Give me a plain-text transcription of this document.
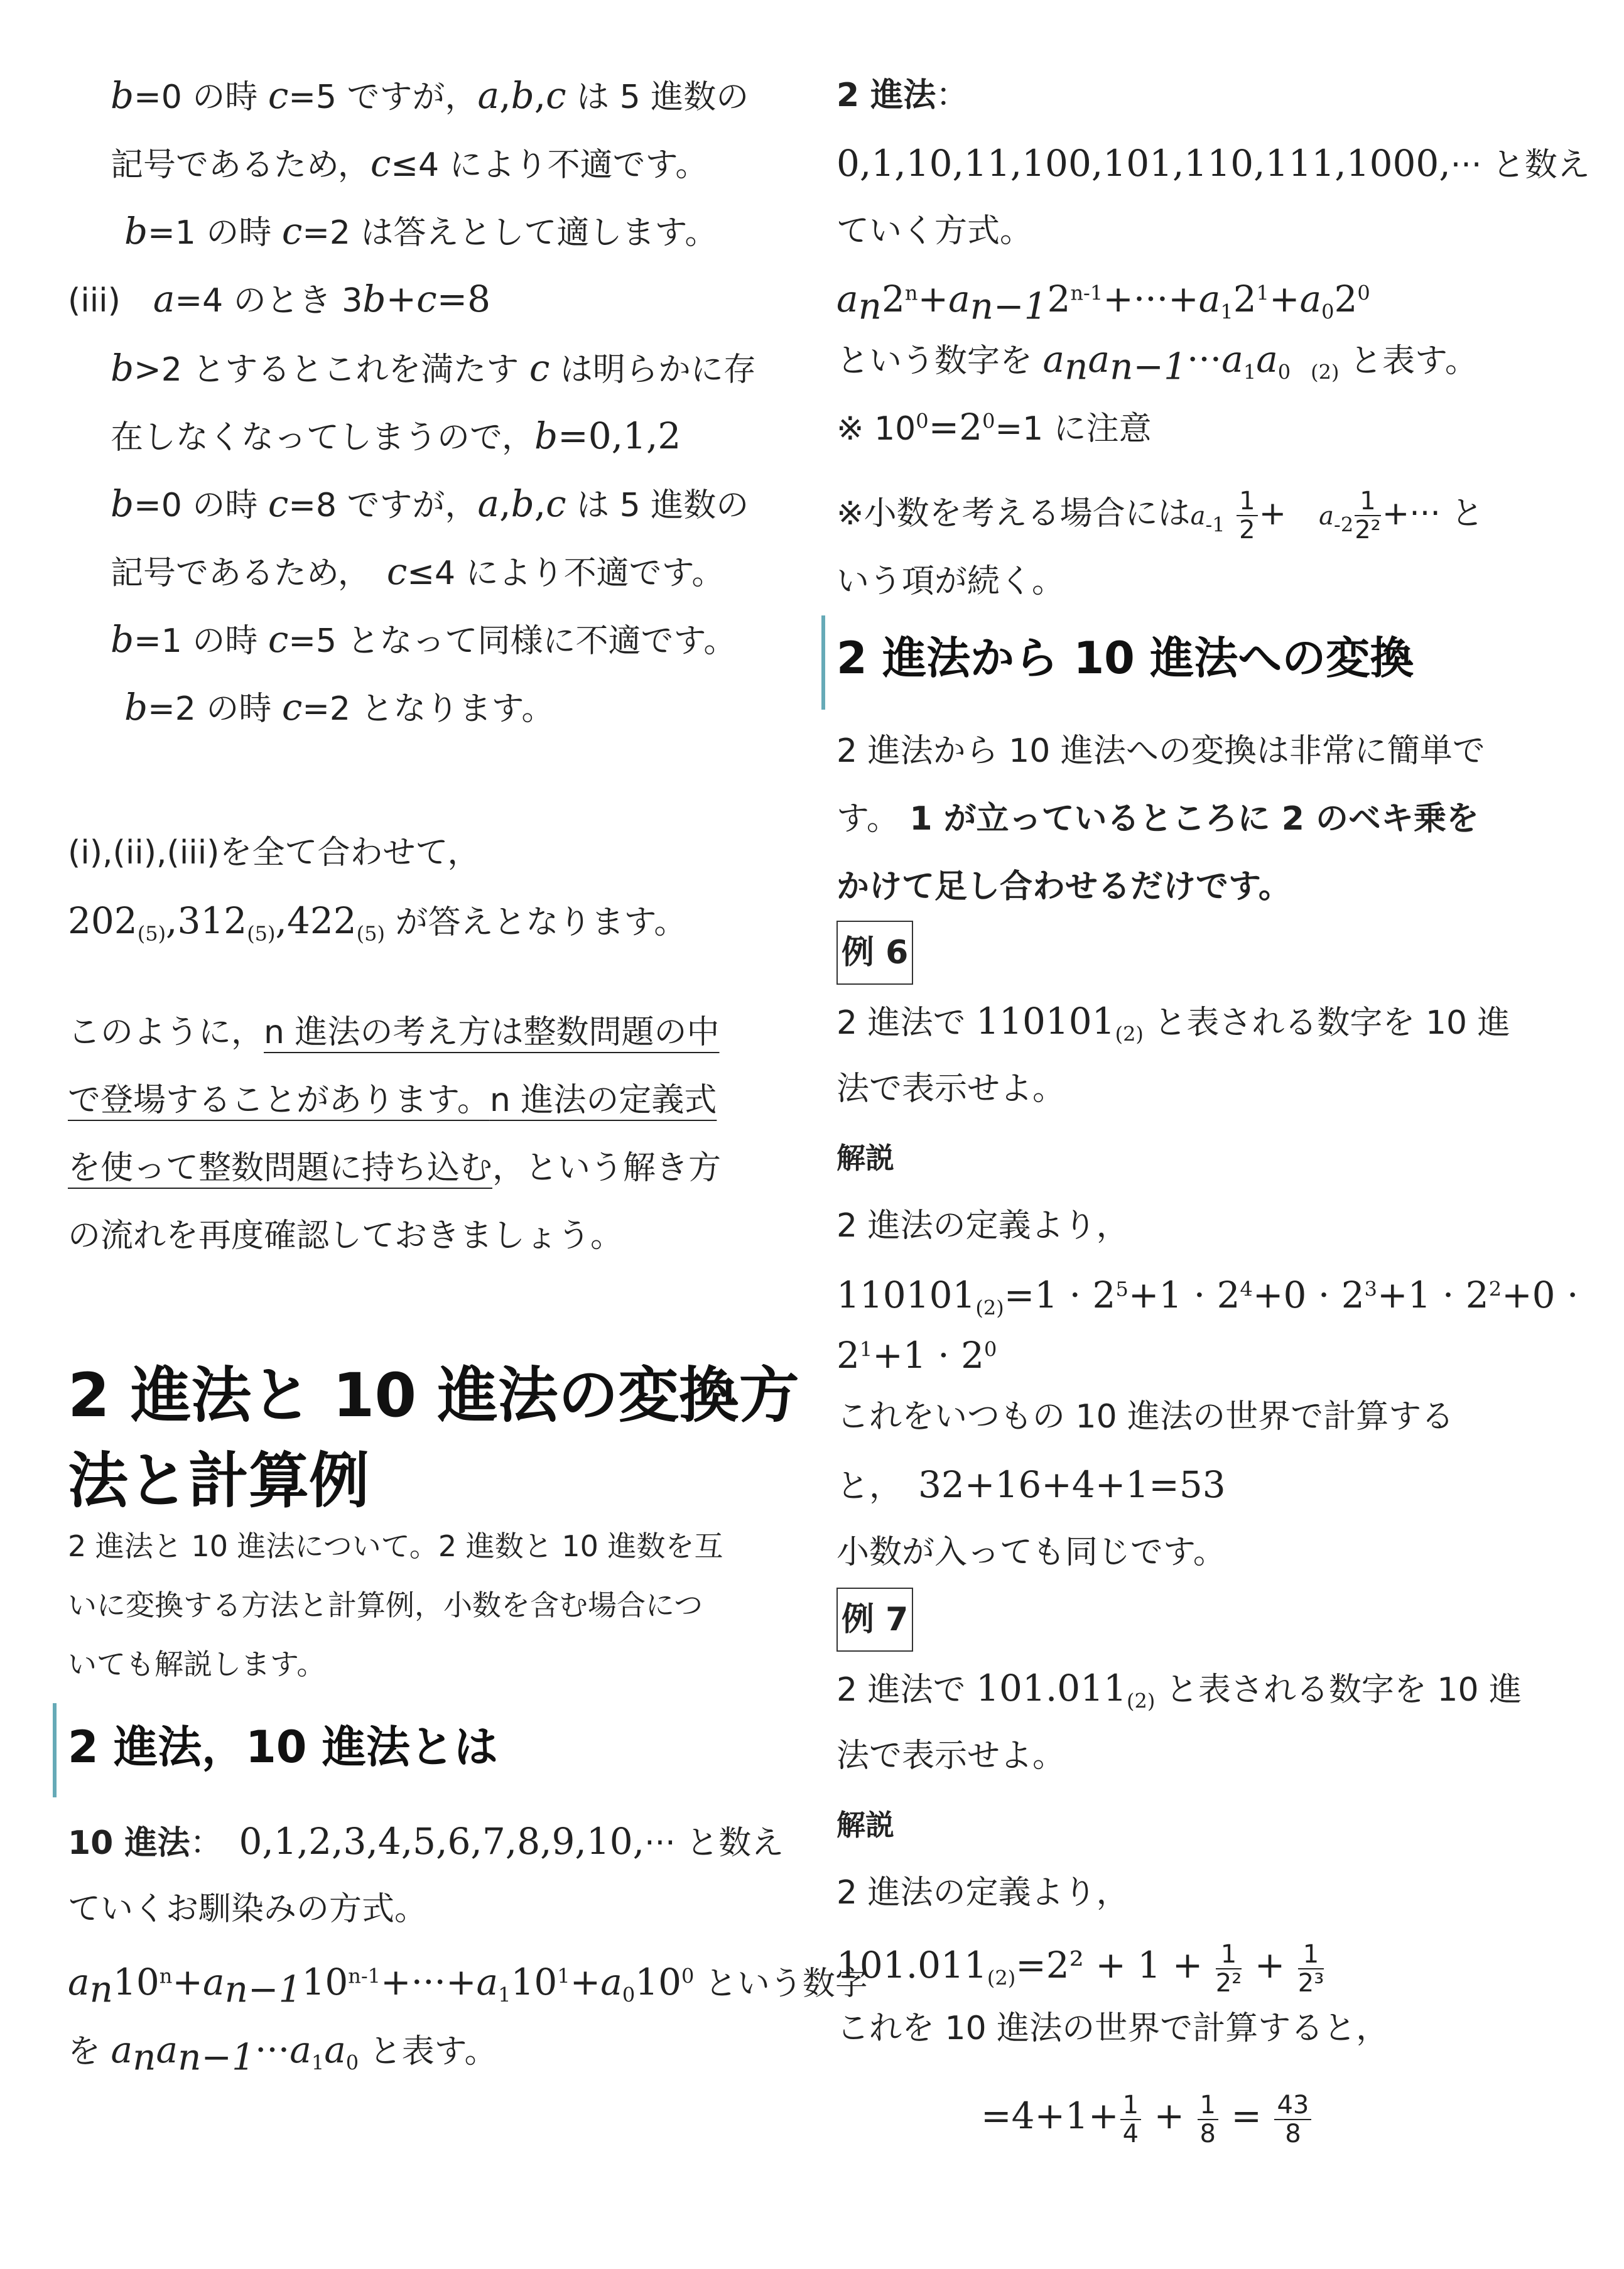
b=0 の時 c=5 ですが，a,b,c は 5 進数の
記号であるため，c≤4 により不適です。
b=1 の時 c=2 は答えとして適します。
(iii)　a=4 のとき 3b+c=8
b>2 とするとこれを満たす c は明らかに存
在しなくなってしまうので，b=0,1,2
b=0 の時 c=8 ですが，a,b,c は 5 進数の
記号であるため，　c≤4 により不適です。
b=1 の時 c=5 となって同様に不適です。
b=2 の時 c=2 となります。
(i),(ii),(iii)を全て合わせて，
$202_{(5)},312_{(5)},422_{(5)}$ が答えとなります。
このように，n 進法の考え方は整数問題の中
で登場することがあります。n 進法の定義式
を使って整数問題に持ち込む，という解き方
の流れを再度確認しておきましょう。
2 進法と 10 進法の変換方
法と計算例
2 進法と 10 進法について。2 進数と 10 進数を互
いに変換する方法と計算例，小数を含む場合につ
いても解説します。
2 進法，10 進法とは
10 進法：　0,1,2,3,4,5,6,7,8,9,10,··· と数え
ていくお馴染みの方式。
$a_n10^n+a_{n-1}10^{n-1}+\cdot\cdot\cdot+a_110^1+a_010^0$ という数字
を $a_na_{n-1}\cdot\cdot\cdot a_1a_0$ と表す。
2 進法：
0,1,10,11,100,101,110,111,1000,··· と数え
ていく方式。
$a_n2^n+a_{n-1}2^{n-1}+\cdot\cdot\cdot+a_12^1+a_02^0$
という数字を $a_na_{n-1}\cdot\cdot\cdot a_1a_0$　$_{(2)}$ と表す。
※ $10^0=2^0=1$ に注意
※小数を考える場合には$a_{-1} \frac{1}{2}$ +　$a_{-2} \frac{1}{\text{2²}}$ +··· と
いう項が続く。
2 進法から 10 進法への変換
2 進法から 10 進法への変換は非常に簡単で
す。 1 が立っているところに 2 のベキ乗を
かけて足し合わせるだけです。
例 6
2 進法で $110101_{(2)}$ と表される数字を 10 進
法で表示せよ。
解説
2 進法の定義より，
$110101_{(2)}=1 \cdot 2^5+1 \cdot 2^4+0 \cdot 2^3+1 \cdot 2^2+0$ ·
$2^1+1 \cdot 2^0$
これをいつもの 10 進法の世界で計算する
と，　32+16+4+1=53
小数が入っても同じです。
例 7
2 進法で $101.011_{(2)}$ と表される数字を 10 進
法で表示せよ。
解説
2 進法の定義より，
$101.011_{(2)}=2^2 + 1 + \frac{1}{\text{2²}} + \frac{1}{\text{2³}}$
これを 10 進法の世界で計算すると，
$=4+1+ \frac{1}{4} + \frac{1}{8} = \frac{43}{8}$
